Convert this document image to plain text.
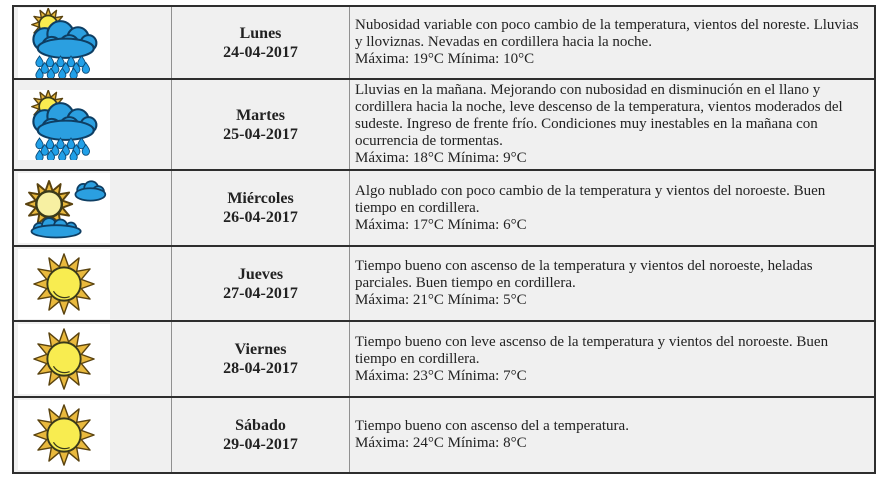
Lunes
24-04-2017
Nubosidad variable con poco cambio de la temperatura, vientos del noreste. Lluvias y lloviznas. Nevadas en cordillera hacia la noche.
Máxima: 19°C Mínima: 10°C
Martes
25-04-2017
Lluvias en la mañana. Mejorando con nubosidad en disminución en el llano y cordillera hacia la noche, leve descenso de la temperatura, vientos moderados del sudeste. Ingreso de frente frío. Condiciones muy inestables en la mañana con ocurrencia de tormentas.
Máxima: 18°C Mínima: 9°C
Miércoles
26-04-2017
Algo nublado con poco cambio de la temperatura y vientos del noroeste. Buen tiempo en cordillera.
Máxima: 17°C Mínima: 6°C
Jueves
27-04-2017
Tiempo bueno con ascenso de la temperatura y vientos del noroeste, heladas parciales. Buen tiempo en cordillera.
Máxima: 21°C Mínima: 5°C
Viernes
28-04-2017
Tiempo bueno con leve ascenso de la temperatura y vientos del noroeste. Buen tiempo en cordillera.
Máxima: 23°C Mínima: 7°C
Sábado
29-04-2017
Tiempo bueno con ascenso del a temperatura.
Máxima: 24°C Mínima: 8°C
